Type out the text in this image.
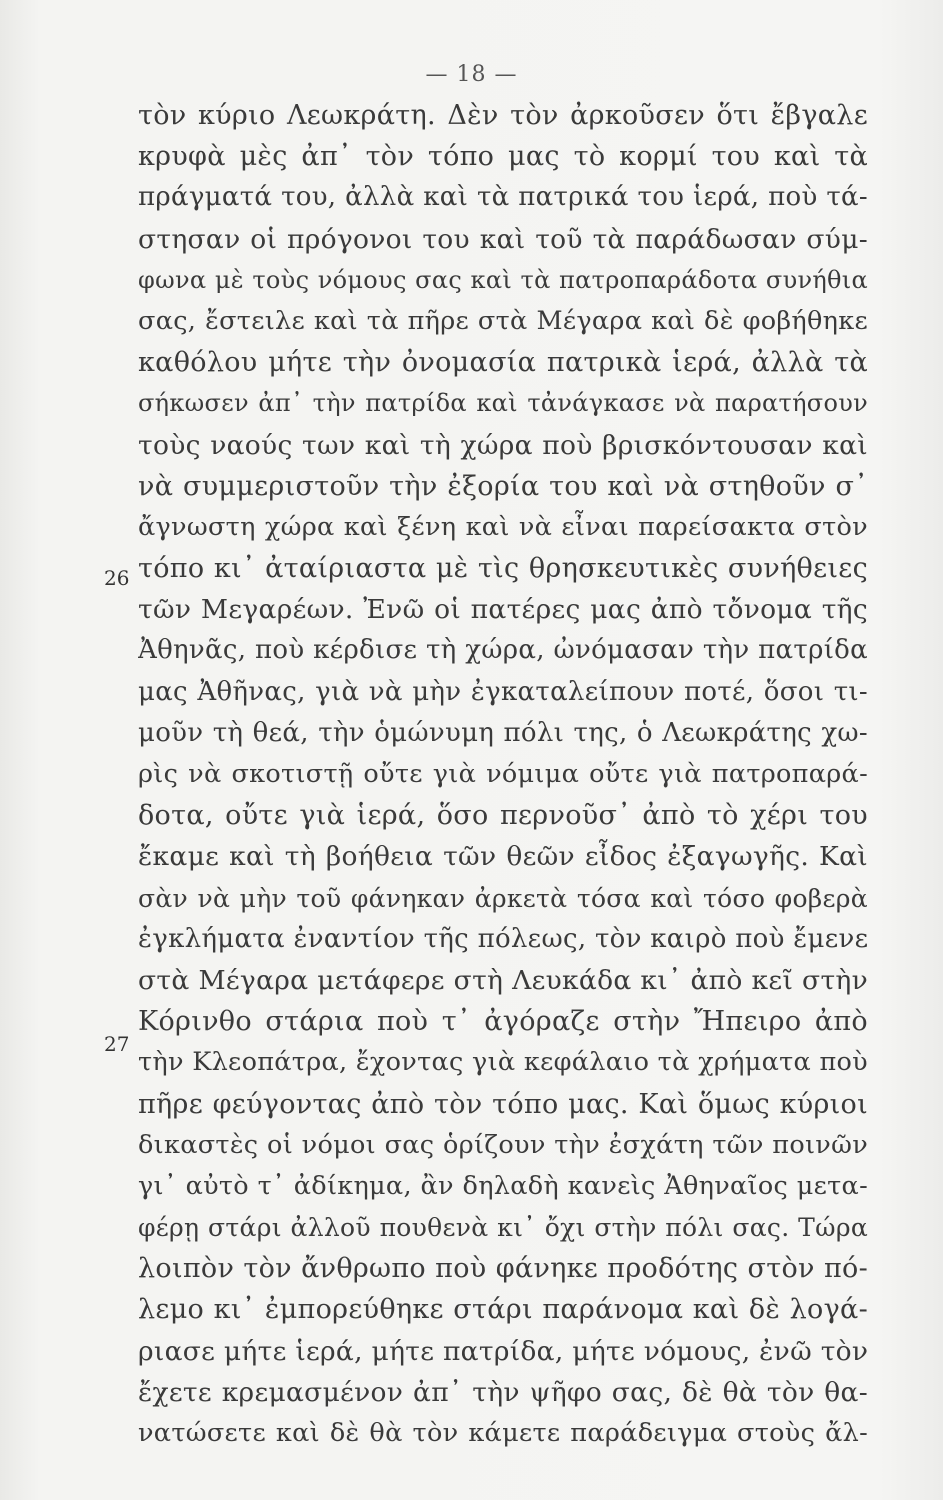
— 18 —
26
27
τὸν κύριο Λεωκράτη. Δὲν τὸν ἀρκοῦσεν ὅτι ἔβγαλε
κρυφὰ μὲς ἀπ᾿ τὸν τόπο μας τὸ κορμί του καὶ τὰ
πράγματά του, ἀλλὰ καὶ τὰ πατρικά του ἱερά, ποὺ τά-
στησαν οἱ πρόγονοι του καὶ τοῦ τὰ παράδωσαν σύμ-
φωνα μὲ τοὺς νόμους σας καὶ τὰ πατροπαράδοτα συνήθια
σας, ἔστειλε καὶ τὰ πῆρε στὰ Μέγαρα καὶ δὲ φοβήθηκε
καθόλου μήτε τὴν ὀνομασία πατρικὰ ἱερά, ἀλλὰ τὰ
σήκωσεν ἀπ᾿ τὴν πατρίδα καὶ τἀνάγκασε νὰ παρατήσουν
τοὺς ναούς των καὶ τὴ χώρα ποὺ βρισκόντουσαν καὶ
νὰ συμμεριστοῦν τὴν ἐξορία του καὶ νὰ στηθοῦν σ᾿
ἄγνωστη χώρα καὶ ξένη καὶ νὰ εἶναι παρείσακτα στὸν
τόπο κι᾿ ἀταίριαστα μὲ τὶς θρησκευτικὲς συνήθειες
τῶν Μεγαρέων. Ἐνῶ οἱ πατέρες μας ἀπὸ τὄνομα τῆς
Ἀθηνᾶς, ποὺ κέρδισε τὴ χώρα, ὠνόμασαν τὴν πατρίδα
μας Ἀθῆνας, γιὰ νὰ μὴν ἐγκαταλείπουν ποτέ, ὅσοι τι-
μοῦν τὴ θεά, τὴν ὁμώνυμη πόλι της, ὁ Λεωκράτης χω-
ρὶς νὰ σκοτιστῇ οὔτε γιὰ νόμιμα οὔτε γιὰ πατροπαρά-
δοτα, οὔτε γιὰ ἱερά, ὅσο περνοῦσ᾿ ἀπὸ τὸ χέρι του
ἔκαμε καὶ τὴ βοήθεια τῶν θεῶν εἶδος ἐξαγωγῆς. Καὶ
σὰν νὰ μὴν τοῦ φάνηκαν ἀρκετὰ τόσα καὶ τόσο φοβερὰ
ἐγκλήματα ἐναντίον τῆς πόλεως, τὸν καιρὸ ποὺ ἔμενε
στὰ Μέγαρα μετάφερε στὴ Λευκάδα κι᾿ ἀπὸ κεῖ στὴν
Κόρινθο στάρια ποὺ τ᾿ ἀγόραζε στὴν Ἤπειρο ἀπὸ
τὴν Κλεοπάτρα, ἔχοντας γιὰ κεφάλαιο τὰ χρήματα ποὺ
πῆρε φεύγοντας ἀπὸ τὸν τόπο μας. Καὶ ὅμως κύριοι
δικαστὲς οἱ νόμοι σας ὁρίζουν τὴν ἐσχάτη τῶν ποινῶν
γι᾿ αὐτὸ τ᾿ ἀδίκημα, ἂν δηλαδὴ κανεὶς Ἀθηναῖος μετα-
φέρῃ στάρι ἀλλοῦ πουθενὰ κι᾿ ὄχι στὴν πόλι σας. Τώρα
λοιπὸν τὸν ἄνθρωπο ποὺ φάνηκε προδότης στὸν πό-
λεμο κι᾿ ἐμπορεύθηκε στάρι παράνομα καὶ δὲ λογά-
ριασε μήτε ἱερά, μήτε πατρίδα, μήτε νόμους, ἐνῶ τὸν
ἔχετε κρεμασμένον ἀπ᾿ τὴν ψῆφο σας, δὲ θὰ τὸν θα-
νατώσετε καὶ δὲ θὰ τὸν κάμετε παράδειγμα στοὺς ἄλ-
